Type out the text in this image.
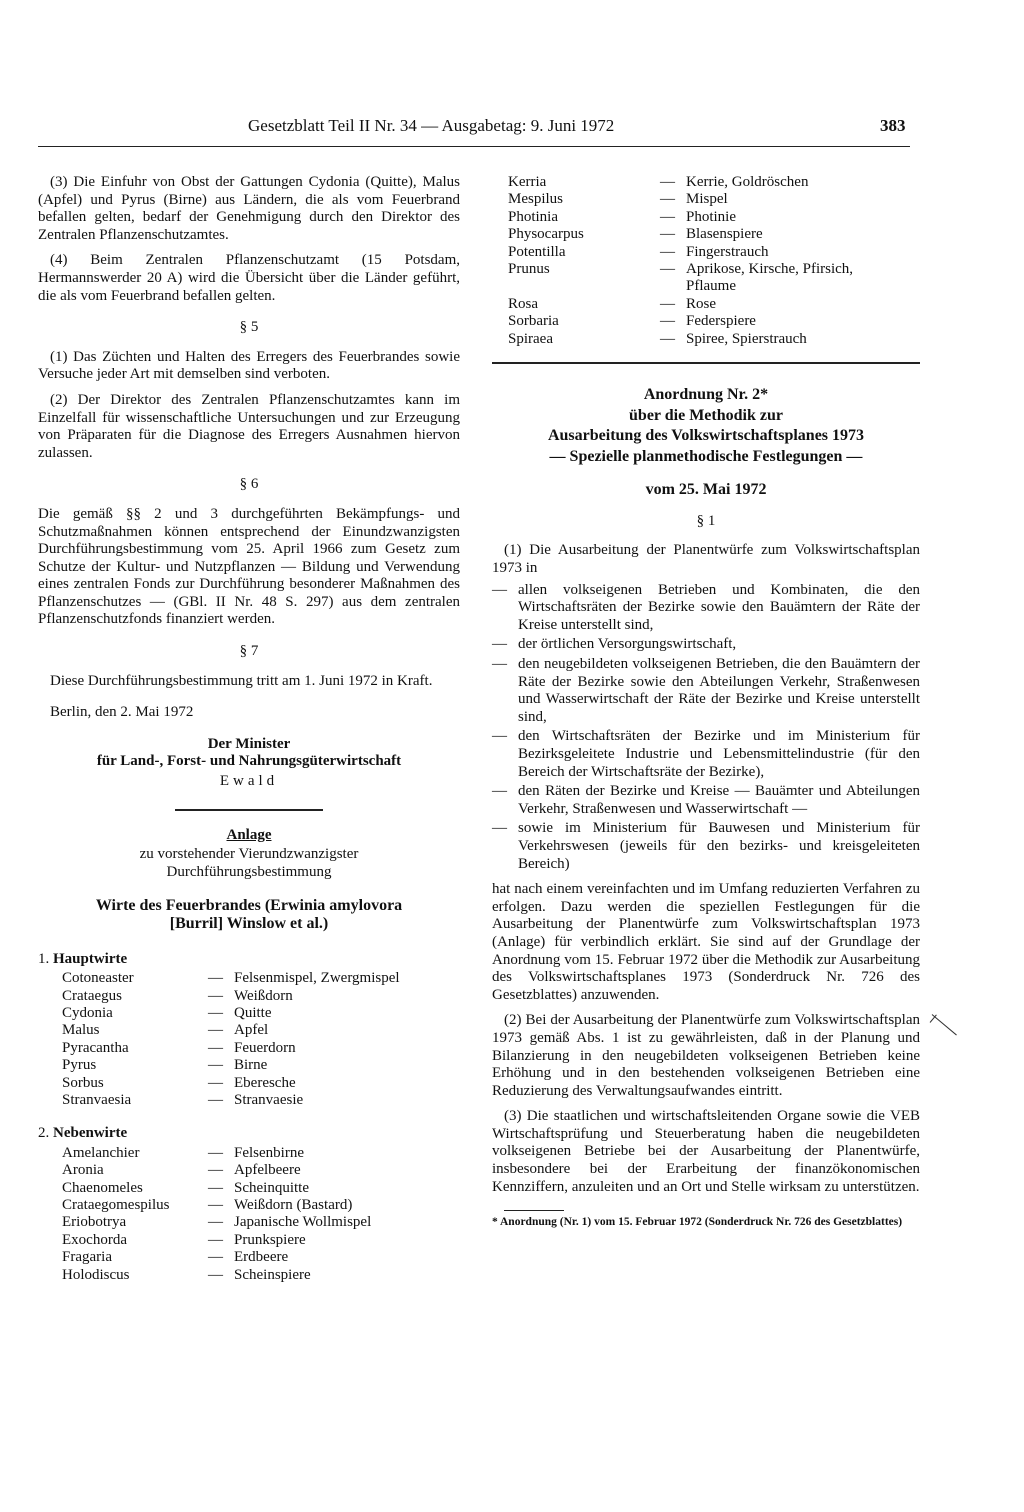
Gesetzblatt Teil II Nr. 34 — Ausgabetag: 9. Juni 1972	383

(3) Die Einfuhr von Obst der Gattungen Cydonia (Quitte), Malus (Apfel) und Pyrus (Birne) aus Ländern, die als vom Feuerbrand befallen gelten, bedarf der Genehmigung durch den Direktor des Zentralen Pflanzenschutzamtes.

(4) Beim Zentralen Pflanzenschutzamt (15 Potsdam, Hermannswerder 20 A) wird die Übersicht über die Länder geführt, die als vom Feuerbrand befallen gelten.

§ 5

(1) Das Züchten und Halten des Erregers des Feuerbrandes sowie Versuche jeder Art mit demselben sind verboten.

(2) Der Direktor des Zentralen Pflanzenschutzamtes kann im Einzelfall für wissenschaftliche Untersuchungen und zur Erzeugung von Präparaten für die Diagnose des Erregers Ausnahmen hiervon zulassen.

§ 6

Die gemäß §§ 2 und 3 durchgeführten Bekämpfungs- und Schutzmaßnahmen können entsprechend der Einundzwanzigsten Durchführungsbestimmung vom 25. April 1966 zum Gesetz zum Schutze der Kultur- und Nutzpflanzen — Bildung und Verwendung eines zentralen Fonds zur Durchführung besonderer Maßnahmen des Pflanzenschutzes — (GBl. II Nr. 48 S. 297) aus dem zentralen Pflanzenschutzfonds finanziert werden.

§ 7

Diese Durchführungsbestimmung tritt am 1. Juni 1972 in Kraft.

Berlin, den 2. Mai 1972

Der Minister
für Land-, Forst- und Nahrungsgüterwirtschaft
Ewald
Anlage
zu vorstehender Vierundzwanzigster
Durchführungsbestimmung
Wirte des Feuerbrandes (Erwinia amylovora
[Burril] Winslow et al.)
1. Hauptwirte
Cotoneaster	— Felsenmispel, Zwergmispel
Crataegus	— Weißdorn
Cydonia	— Quitte
Malus	— Apfel
Pyracantha	— Feuerdorn
Pyrus	— Birne
Sorbus	— Eberesche
Stranvaesia	— Stranvaesie
2. Nebenwirte
Amelanchier	— Felsenbirne
Aronia	— Apfelbeere
Chaenomeles	— Scheinquitte
Crataegomespilus	— Weißdorn (Bastard)
Eriobotrya	— Japanische Wollmispel
Exochorda	— Prunkspiere
Fragaria	— Erdbeere
Holodiscus	— Scheinspiere
Kerria	— Kerrie, Goldröschen
Mespilus	— Mispel
Photinia	— Photinie
Physocarpus	— Blasenspiere
Potentilla	— Fingerstrauch
Prunus	— Aprikose, Kirsche, Pfirsich,
Pflaume
Rosa	— Rose
Sorbaria	— Federspiere
Spiraea	— Spiree, Spierstrauch
Anordnung Nr. 2*
über die Methodik zur
Ausarbeitung des Volkswirtschaftsplanes 1973
— Spezielle planmethodische Festlegungen —
vom 25. Mai 1972
§ 1

(1) Die Ausarbeitung der Planentwürfe zum Volkswirtschaftsplan 1973 in

— allen volkseigenen Betrieben und Kombinaten, die den Wirtschaftsräten der Bezirke sowie den Bauämtern der Räte der Kreise unterstellt sind,
— der örtlichen Versorgungswirtschaft,
— den neugebildeten volkseigenen Betrieben, die den Bauämtern der Räte der Bezirke sowie den Abteilungen Verkehr, Straßenwesen und Wasserwirtschaft der Räte der Bezirke und Kreise unterstellt sind,
— den Wirtschaftsräten der Bezirke und im Ministerium für Bezirksgeleitete Industrie und Lebensmittelindustrie (für den Bereich der Wirtschaftsräte der Bezirke),
— den Räten der Bezirke und Kreise — Bauämter und Abteilungen Verkehr, Straßenwesen und Wasserwirtschaft —
— sowie im Ministerium für Bauwesen und Ministerium für Verkehrswesen (jeweils für den bezirks- und kreisgeleiteten Bereich)

hat nach einem vereinfachten und im Umfang reduzierten Verfahren zu erfolgen. Dazu werden die speziellen Festlegungen für die Ausarbeitung der Planentwürfe zum Volkswirtschaftsplan 1973 (Anlage) für verbindlich erklärt. Sie sind auf der Grundlage der Anordnung vom 15. Februar 1972 über die Methodik zur Ausarbeitung des Volkswirtschaftsplanes 1973 (Sonderdruck Nr. 726 des Gesetzblattes) anzuwenden.

(2) Bei der Ausarbeitung der Planentwürfe zum Volkswirtschaftsplan 1973 gemäß Abs. 1 ist zu gewährleisten, daß in der Planung und Bilanzierung in den neugebildeten volkseigenen Betrieben keine Erhöhung und in den bestehenden volkseigenen Betrieben eine Reduzierung des Verwaltungsaufwandes eintritt.

(3) Die staatlichen und wirtschaftsleitenden Organe sowie die VEB Wirtschaftsprüfung und Steuerberatung haben die neugebildeten volkseigenen Betriebe bei der Ausarbeitung der Planentwürfe, insbesondere bei der Erarbeitung der finanzökonomischen Kennziffern, anzuleiten und an Ort und Stelle wirksam zu unterstützen.

* Anordnung (Nr. 1) vom 15. Februar 1972 (Sonderdruck Nr. 726 des Gesetzblattes)
